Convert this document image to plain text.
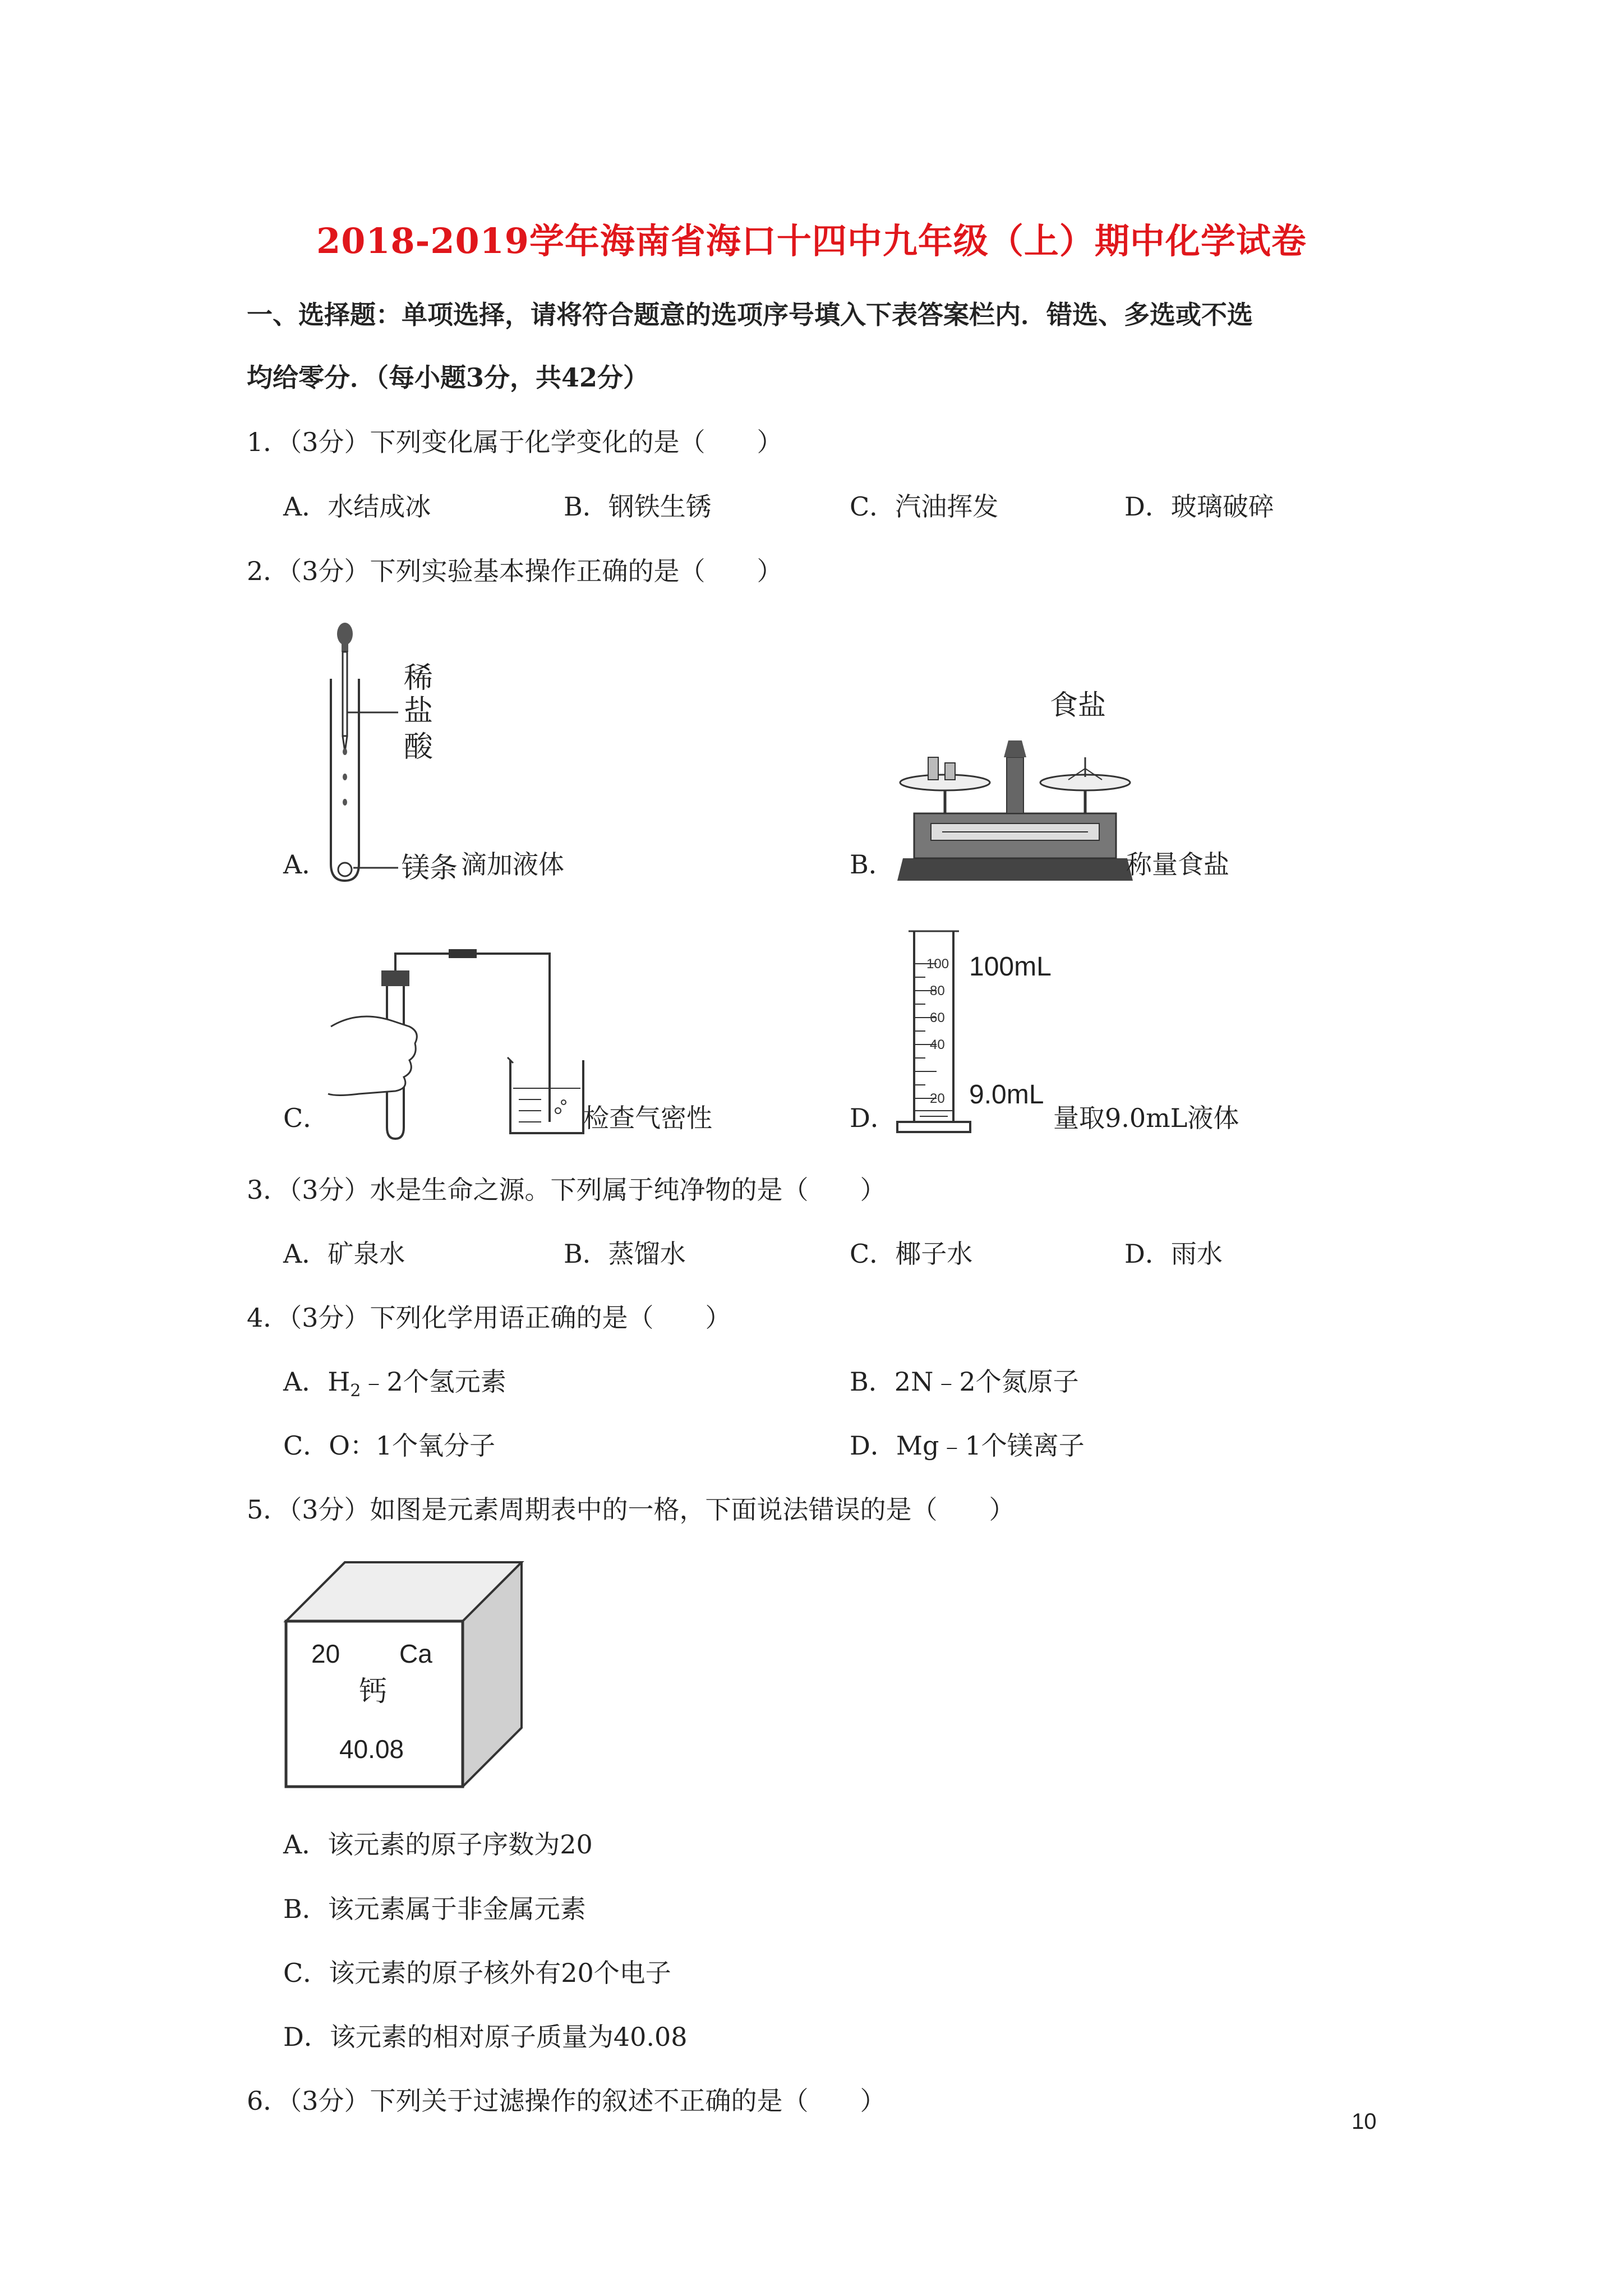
2018-2019学年海南省海口十四中九年级（上）期中化学试卷
一、选择题：单项选择，请将符合题意的选项序号填入下表答案栏内．错选、多选或不选
均给零分．（每小题3分，共42分）
1．（3分）下列变化属于化学变化的是（　　）
A．水结成冰	B．钢铁生锈	C．汽油挥发	D．玻璃破碎
2．（3分）下列实验基本操作正确的是（　　）
A．
稀
盐
酸
镁条 滴加液体	B．
食盐
称量食盐
C．	检查气密性	D．
100
80
60
40
20
100mL
9.0mL
量取9.0mL液体
3．（3分）水是生命之源。下列属于纯净物的是（　　）
A．矿泉水	B．蒸馏水	C．椰子水	D．雨水
4．（3分）下列化学用语正确的是（　　）
A．$H_2﹣2$个氢元素	B．2N﹣2个氮原子
C．O：1个氧分子	D．Mg﹣1个镁离子
5．（3分）如图是元素周期表中的一格，下面说法错误的是（　　）
20 Ca
钙
40.08
A．该元素的原子序数为20
B．该元素属于非金属元素
C．该元素的原子核外有20个电子
D．该元素的相对原子质量为40.08
6．（3分）下列关于过滤操作的叙述不正确的是（　　）
10
